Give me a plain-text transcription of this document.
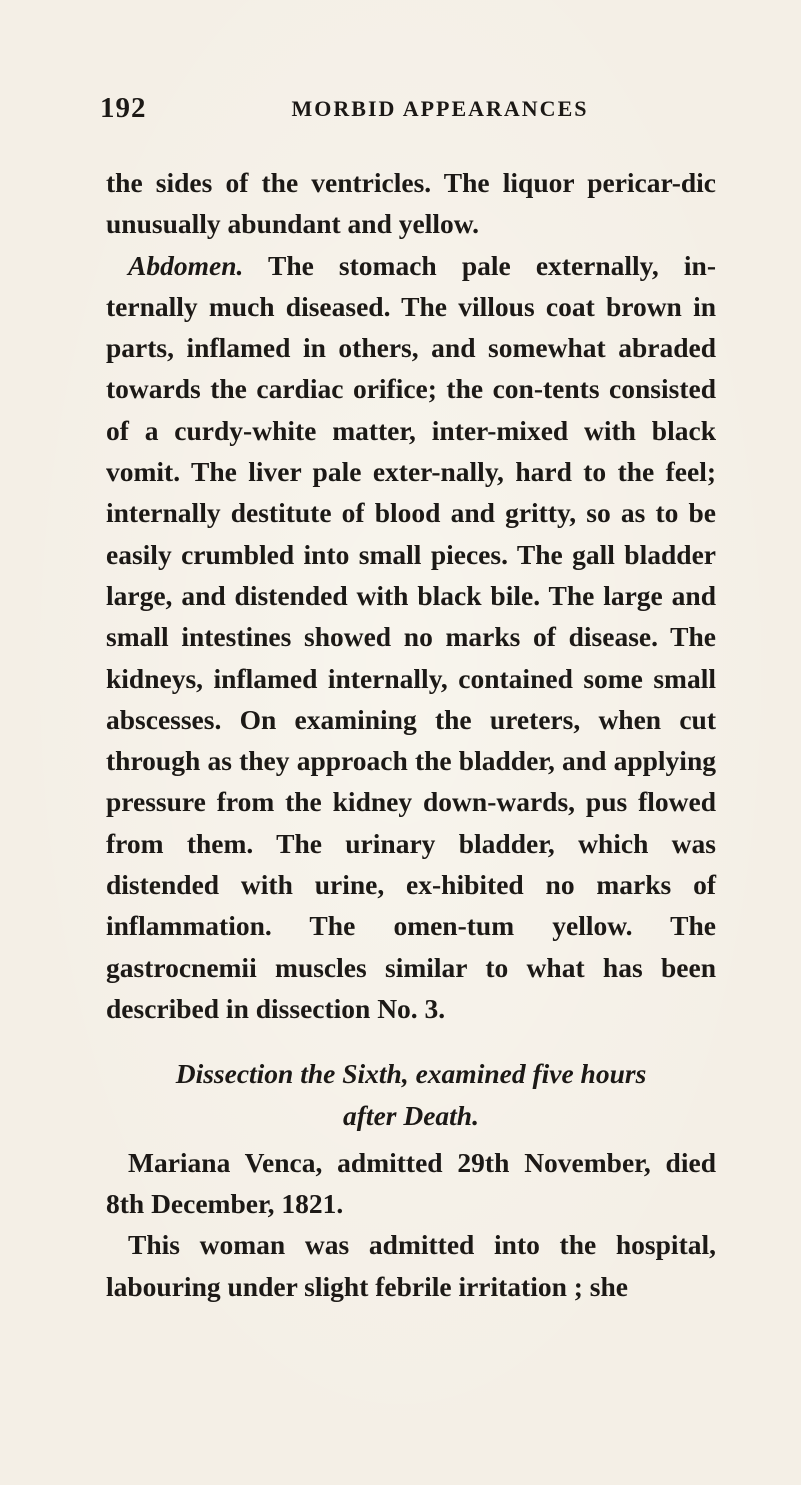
192	MORBID APPEARANCES

the sides of the ventricles. The liquor pericar-dic unusually abundant and yellow.

Abdomen. The stomach pale externally, in-ternally much diseased. The villous coat brown in parts, inflamed in others, and somewhat abraded towards the cardiac orifice; the con-tents consisted of a curdy-white matter, inter-mixed with black vomit. The liver pale exter-nally, hard to the feel; internally destitute of blood and gritty, so as to be easily crumbled into small pieces. The gall bladder large, and distended with black bile. The large and small intestines showed no marks of disease. The kidneys, inflamed internally, contained some small abscesses. On examining the ureters, when cut through as they approach the bladder, and applying pressure from the kidney down-wards, pus flowed from them. The urinary bladder, which was distended with urine, ex-hibited no marks of inflammation. The omen-tum yellow. The gastrocnemii muscles similar to what has been described in dissection No. 3.

Dissection the Sixth, examined five hours
after Death.

Mariana Venca, admitted 29th November, died 8th December, 1821.

This woman was admitted into the hospital, labouring under slight febrile irritation ; she
